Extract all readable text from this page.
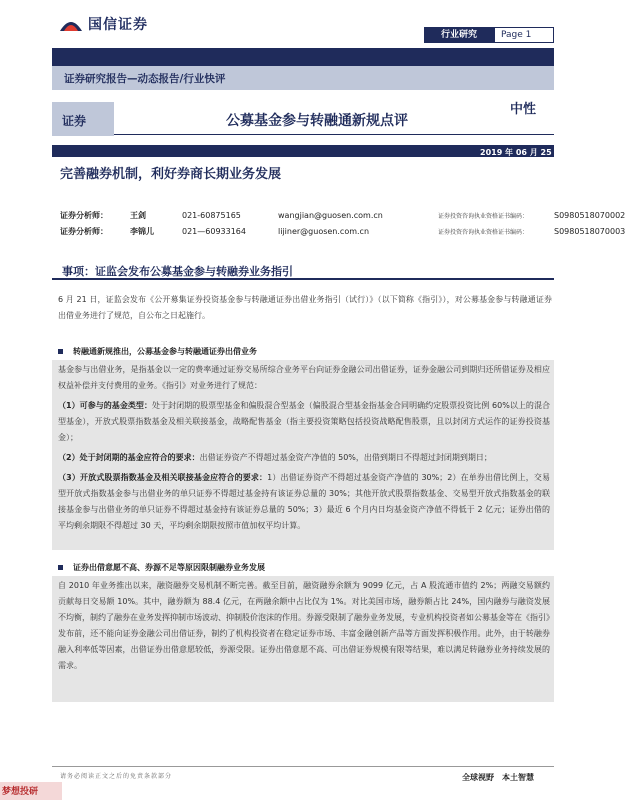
国信证券
行业研究	Page 1
证券研究报告—动态报告/行业快评
证券	公募基金参与转融通新规点评
中性
2019 年 06 月 25 日
完善融券机制，利好券商长期业务发展
证券分析师：	王剑	021-60875165	wangjian@guosen.com.cn	证券投资咨询执业资格证书编码：	S0980518070002
证券分析师：	李锦儿	021—60933164	lijiner@guosen.com.cn	证券投资咨询执业资格证书编码：	S0980518070003
事项：证监会发布公募基金参与转融券业务指引
6 月 21 日，证监会发布《公开募集证券投资基金参与转融通证券出借业务指引（试行）》（以下简称《指引》），对公募基金参与转融通证券出借业务进行了规范，自公布之日起施行。
转融通新规推出，公募基金参与转融通证券出借业务
基金参与出借业务，是指基金以一定的费率通过证券交易所综合业务平台向证券金融公司出借证券，证券金融公司到期归还所借证券及相应权益补偿并支付费用的业务。《指引》对业务进行了规范：
（1）可参与的基金类型：处于封闭期的股票型基金和偏股混合型基金（偏股混合型基金指基金合同明确约定股票投资比例 60%以上的混合型基金），开放式股票指数基金及相关联接基金，战略配售基金（指主要投资策略包括投资战略配售股票，且以封闭方式运作的证券投资基金）；
（2）处于封闭期的基金应符合的要求：出借证券资产不得超过基金资产净值的 50%，出借到期日不得超过封闭期到期日；
（3）开放式股票指数基金及相关联接基金应符合的要求：1）出借证券资产不得超过基金资产净值的 30%；2）在单券出借比例上，交易型开放式指数基金参与出借业务的单只证券不得超过基金持有该证券总量的 30%；其他开放式股票指数基金、交易型开放式指数基金的联接基金参与出借业务的单只证券不得超过基金持有该证券总量的 50%；3）最近 6 个月内日均基金资产净值不得低于 2 亿元；证券出借的平均剩余期限不得超过 30 天，平均剩余期限按照市值加权平均计算。
证券出借意愿不高、券源不足等原因限制融券业务发展
自 2010 年业务推出以来，融资融券交易机制不断完善。截至目前，融资融券余额为 9099 亿元，占 A 股流通市值约 2%；两融交易额约贡献每日交易额 10%。其中，融券额为 88.4 亿元，在两融余额中占比仅为 1%。对比美国市场，融券额占比 24%，国内融券与融资发展不均衡，制约了融券在业务发挥抑制市场波动、抑制股价泡沫的作用。券源受限制了融券业务发展，专业机构投资者如公募基金等在《指引》发布前，还不能向证券金融公司出借证券，制约了机构投资者在稳定证券市场、丰富金融创新产品等方面发挥积极作用。此外，由于转融券融入利率低等因素，出借证券出借意愿较低，券源受限。证券出借意愿不高、可出借证券规模有限等结果，难以满足转融券业务持续发展的需求。
请务必阅读正文之后的免责条款部分	全球视野　本土智慧
梦想投研
